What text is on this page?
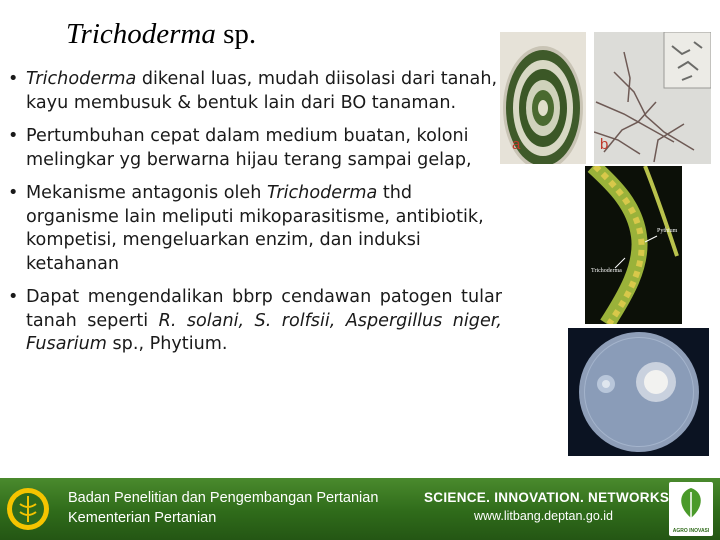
Trichoderma sp.
• Trichoderma dikenal luas, mudah diisolasi dari tanah, kayu membusuk & bentuk lain dari BO tanaman.
• Pertumbuhan cepat dalam medium buatan, koloni melingkar yg berwarna hijau terang sampai gelap,
• Mekanisme antagonis oleh Trichoderma thd organisme lain meliputi mikoparasitisme, antibiotik, kompetisi, mengeluarkan enzim, dan induksi ketahanan
• Dapat mengendalikan bbrp cendawan patogen tular tanah seperti R. solani, S. rolfsii, Aspergillus niger, Fusarium sp., Phytium.
a	b
Pythium
Trichoderma
Badan Penelitian dan Pengembangan Pertanian
Kementerian Pertanian
SCIENCE. INNOVATION. NETWORKS
www.litbang.deptan.go.id
AGRO INOVASI
